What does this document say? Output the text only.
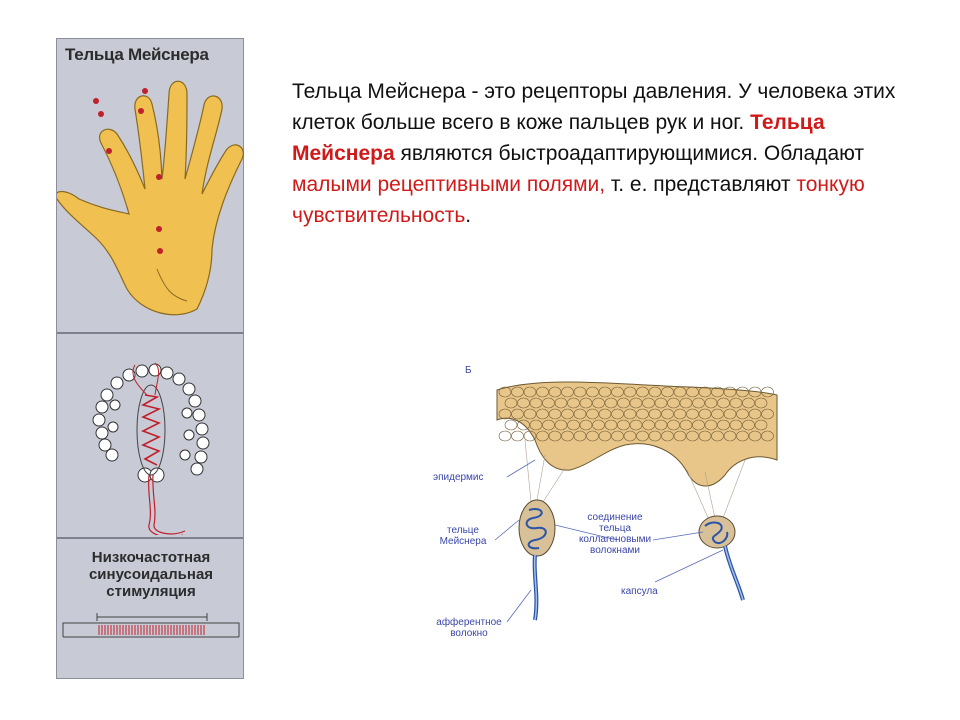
Тельца Мейснера
Низкочастотная
синусоидальная
стимуляция
Тельца Мейснера - это рецепторы давления. У человека этих клеток больше всего в коже пальцев рук и ног. Тельца Мейснера являются быстроадаптирующимися. Обладают малыми рецептивными полями, т. е. представляют тонкую чувствительность.
Б
эпидермис
тельце
Мейснера
соединение
тельца
коллагеновыми
волокнами
капсула
афферентное
волокно
